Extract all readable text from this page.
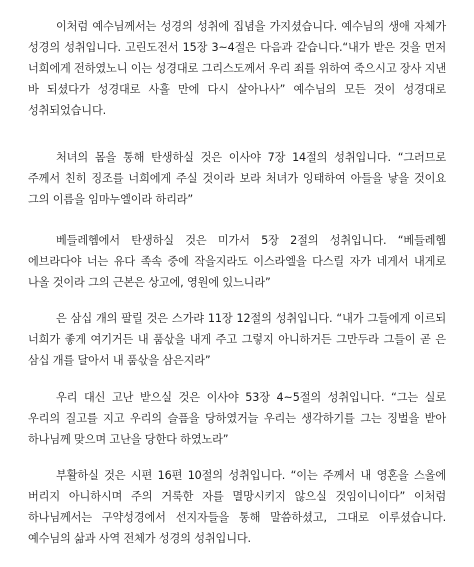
이처럼 예수님께서는 성경의 성취에 집념을 가지셨습니다. 예수님의 생애 자체가 성경의 성취입니다. 고린도전서 15장 3~4절은 다음과 같습니다.“내가 받은 것을 먼저 너희에게 전하였노니 이는 성경대로 그리스도께서 우리 죄를 위하여 죽으시고 장사 지낸 바 되셨다가 성경대로 사흘 만에 다시 살아나사” 예수님의 모든 것이 성경대로 성취되었습니다.

처녀의 몸을 통해 탄생하실 것은 이사야 7장 14절의 성취입니다. “그러므로 주께서 친히 징조를 너희에게 주실 것이라 보라 처녀가 잉태하여 아들을 낳을 것이요 그의 이름을 임마누엘이라 하리라”

베들레헴에서 탄생하실 것은 미가서 5장 2절의 성취입니다. “베들레헴 에브라다야 너는 유다 족속 중에 작을지라도 이스라엘을 다스릴 자가 네게서 내게로 나올 것이라 그의 근본은 상고에, 영원에 있느니라”

은 삼십 개의 팔릴 것은 스가랴 11장 12절의 성취입니다. “내가 그들에게 이르되 너희가 좋게 여기거든 내 품삯을 내게 주고 그렇지 아니하거든 그만두라 그들이 곧 은 삼십 개를 달아서 내 품삯을 삼은지라”

우리 대신 고난 받으실 것은 이사야 53장 4~5절의 성취입니다. “그는 실로 우리의 질고를 지고 우리의 슬픔을 당하였거늘 우리는 생각하기를 그는 징벌을 받아 하나님께 맞으며 고난을 당한다 하였노라”

부활하실 것은 시편 16편 10절의 성취입니다. “이는 주께서 내 영혼을 스올에 버리지 아니하시며 주의 거룩한 자를 멸망시키지 않으실 것임이니이다” 이처럼 하나님께서는 구약성경에서 선지자들을 통해 말씀하셨고, 그대로 이루셨습니다. 예수님의 삶과 사역 전체가 성경의 성취입니다.
